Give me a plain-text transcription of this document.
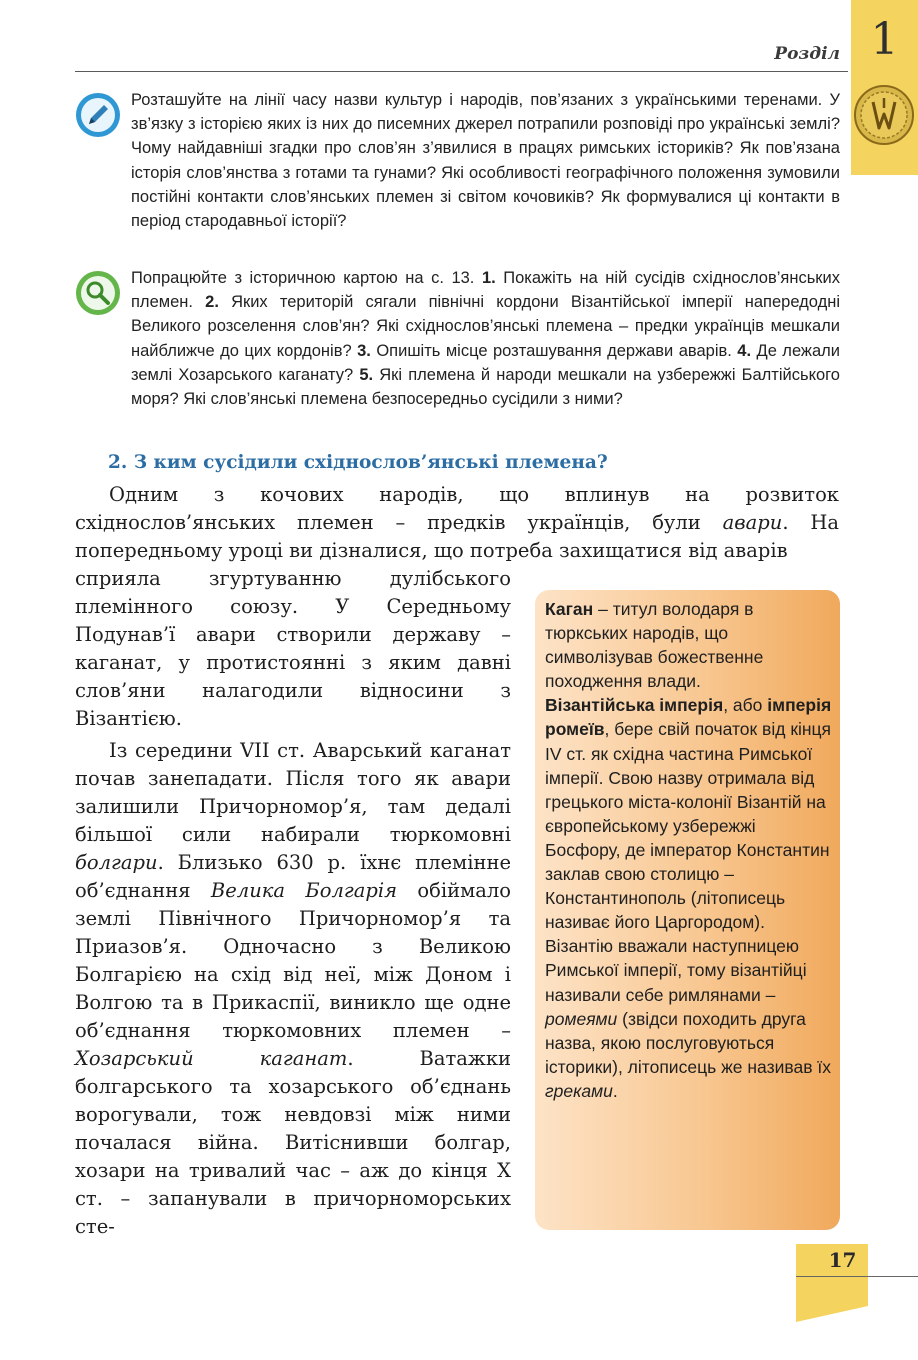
1
Розділ
Розташуйте на лінії часу назви культур і народів, пов’язаних з українськими теренами. У зв’язку з історією яких із них до писемних джерел потрапили розповіді про українські землі? Чому найдавніші згадки про слов’ян з’явилися в працях римських істориків? Як пов’язана історія слов’янства з готами та гунами? Які особливості географічного положення зумовили постійні контакти слов’янських племен зі світом кочовиків? Як формувалися ці контакти в період стародавньої історії?
Попрацюйте з історичною картою на с. 13. 1. Покажіть на ній сусідів східнослов’янських племен. 2. Яких територій сягали північні кордони Візантійської імперії напередодні Великого розселення слов’ян? Які східнослов’янські племена – предки українців мешкали найближче до цих кордонів? 3. Опишіть місце розташування держави аварів. 4. Де лежали землі Хозарського каганату? 5. Які племена й народи мешкали на узбережжі Балтійського моря? Які слов’янські племена безпосередньо сусідили з ними?
2. З ким сусідили східнослов’янські племена?
Одним з кочових народів, що вплинув на розвиток східнослов’янських племен – предків українців, були авари. На попередньому уроці ви дізналися, що потреба захищатися від аварів
сприяла згуртуванню дулібського племінного союзу. У Середньому Подунав’ї авари створили державу – каганат, у протистоянні з яким давні слов’яни налагодили відносини з Візантією.
Із середини VII ст. Аварський каганат почав занепадати. Після того як авари залишили Причорномор’я, там дедалі більшої сили набирали тюркомовні болгари. Близько 630 р. їхнє племінне об’єднання Велика Болгарія обіймало землі Північного Причорномор’я та Приазов’я. Одночасно з Великою Болгарією на схід від неї, між Доном і Волгою та в Прикаспії, виникло ще одне об’єднання тюркомовних племен – Хозарський каганат. Ватажки болгарського та хозарського об’єднань ворогували, тож невдовзі між ними почалася війна. Витіснивши болгар, хозари на тривалий час – аж до кінця Х ст. – запанували в причорноморських сте-
Каган – титул володаря в тюркських народів, що символізував божественне походження влади.
Візантійська імперія, або імперія ромеїв, бере свій початок від кінця IV ст. як східна частина Римської імперії. Свою назву отримала від грецького міста-колонії Візантій на європейському узбережжі Босфору, де імператор Константин заклав свою столицю – Константинополь (літописець називає його Царгородом). Візантію вважали наступницею Римської імперії, тому візантійці називали себе римлянами – ромеями (звідси походить друга назва, якою послуговуються історики), літописець же називав їх греками.
17
